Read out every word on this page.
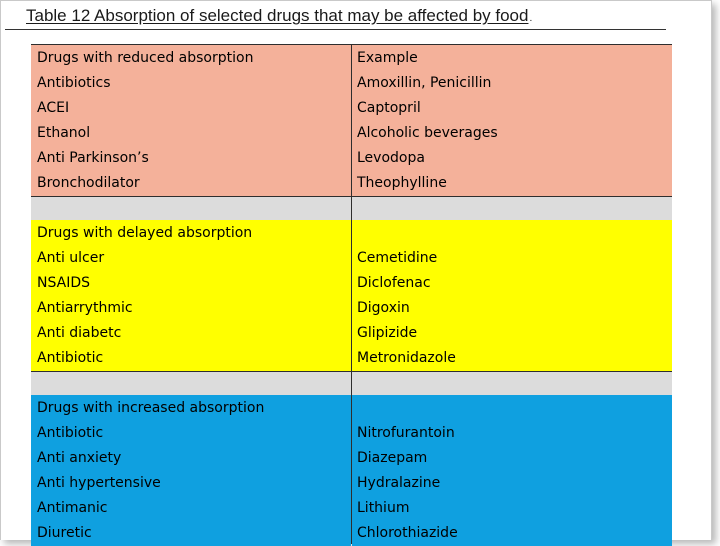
Table 12 Absorption of selected drugs that may be affected by food.
Drugs with reduced absorption	Example
Antibiotics	Amoxillin, Penicillin
ACEI	Captopril
Ethanol	Alcoholic beverages
Anti Parkinson’s	Levodopa
Bronchodilator	Theophylline
Drugs with delayed absorption
Anti ulcer	Cemetidine
NSAIDS	Diclofenac
Antiarrythmic	Digoxin
Anti diabetc	Glipizide
Antibiotic	Metronidazole
Drugs with increased absorption
Antibiotic	Nitrofurantoin
Anti anxiety	Diazepam
Anti hypertensive	Hydralazine
Antimanic	Lithium
Diuretic	Chlorothiazide
